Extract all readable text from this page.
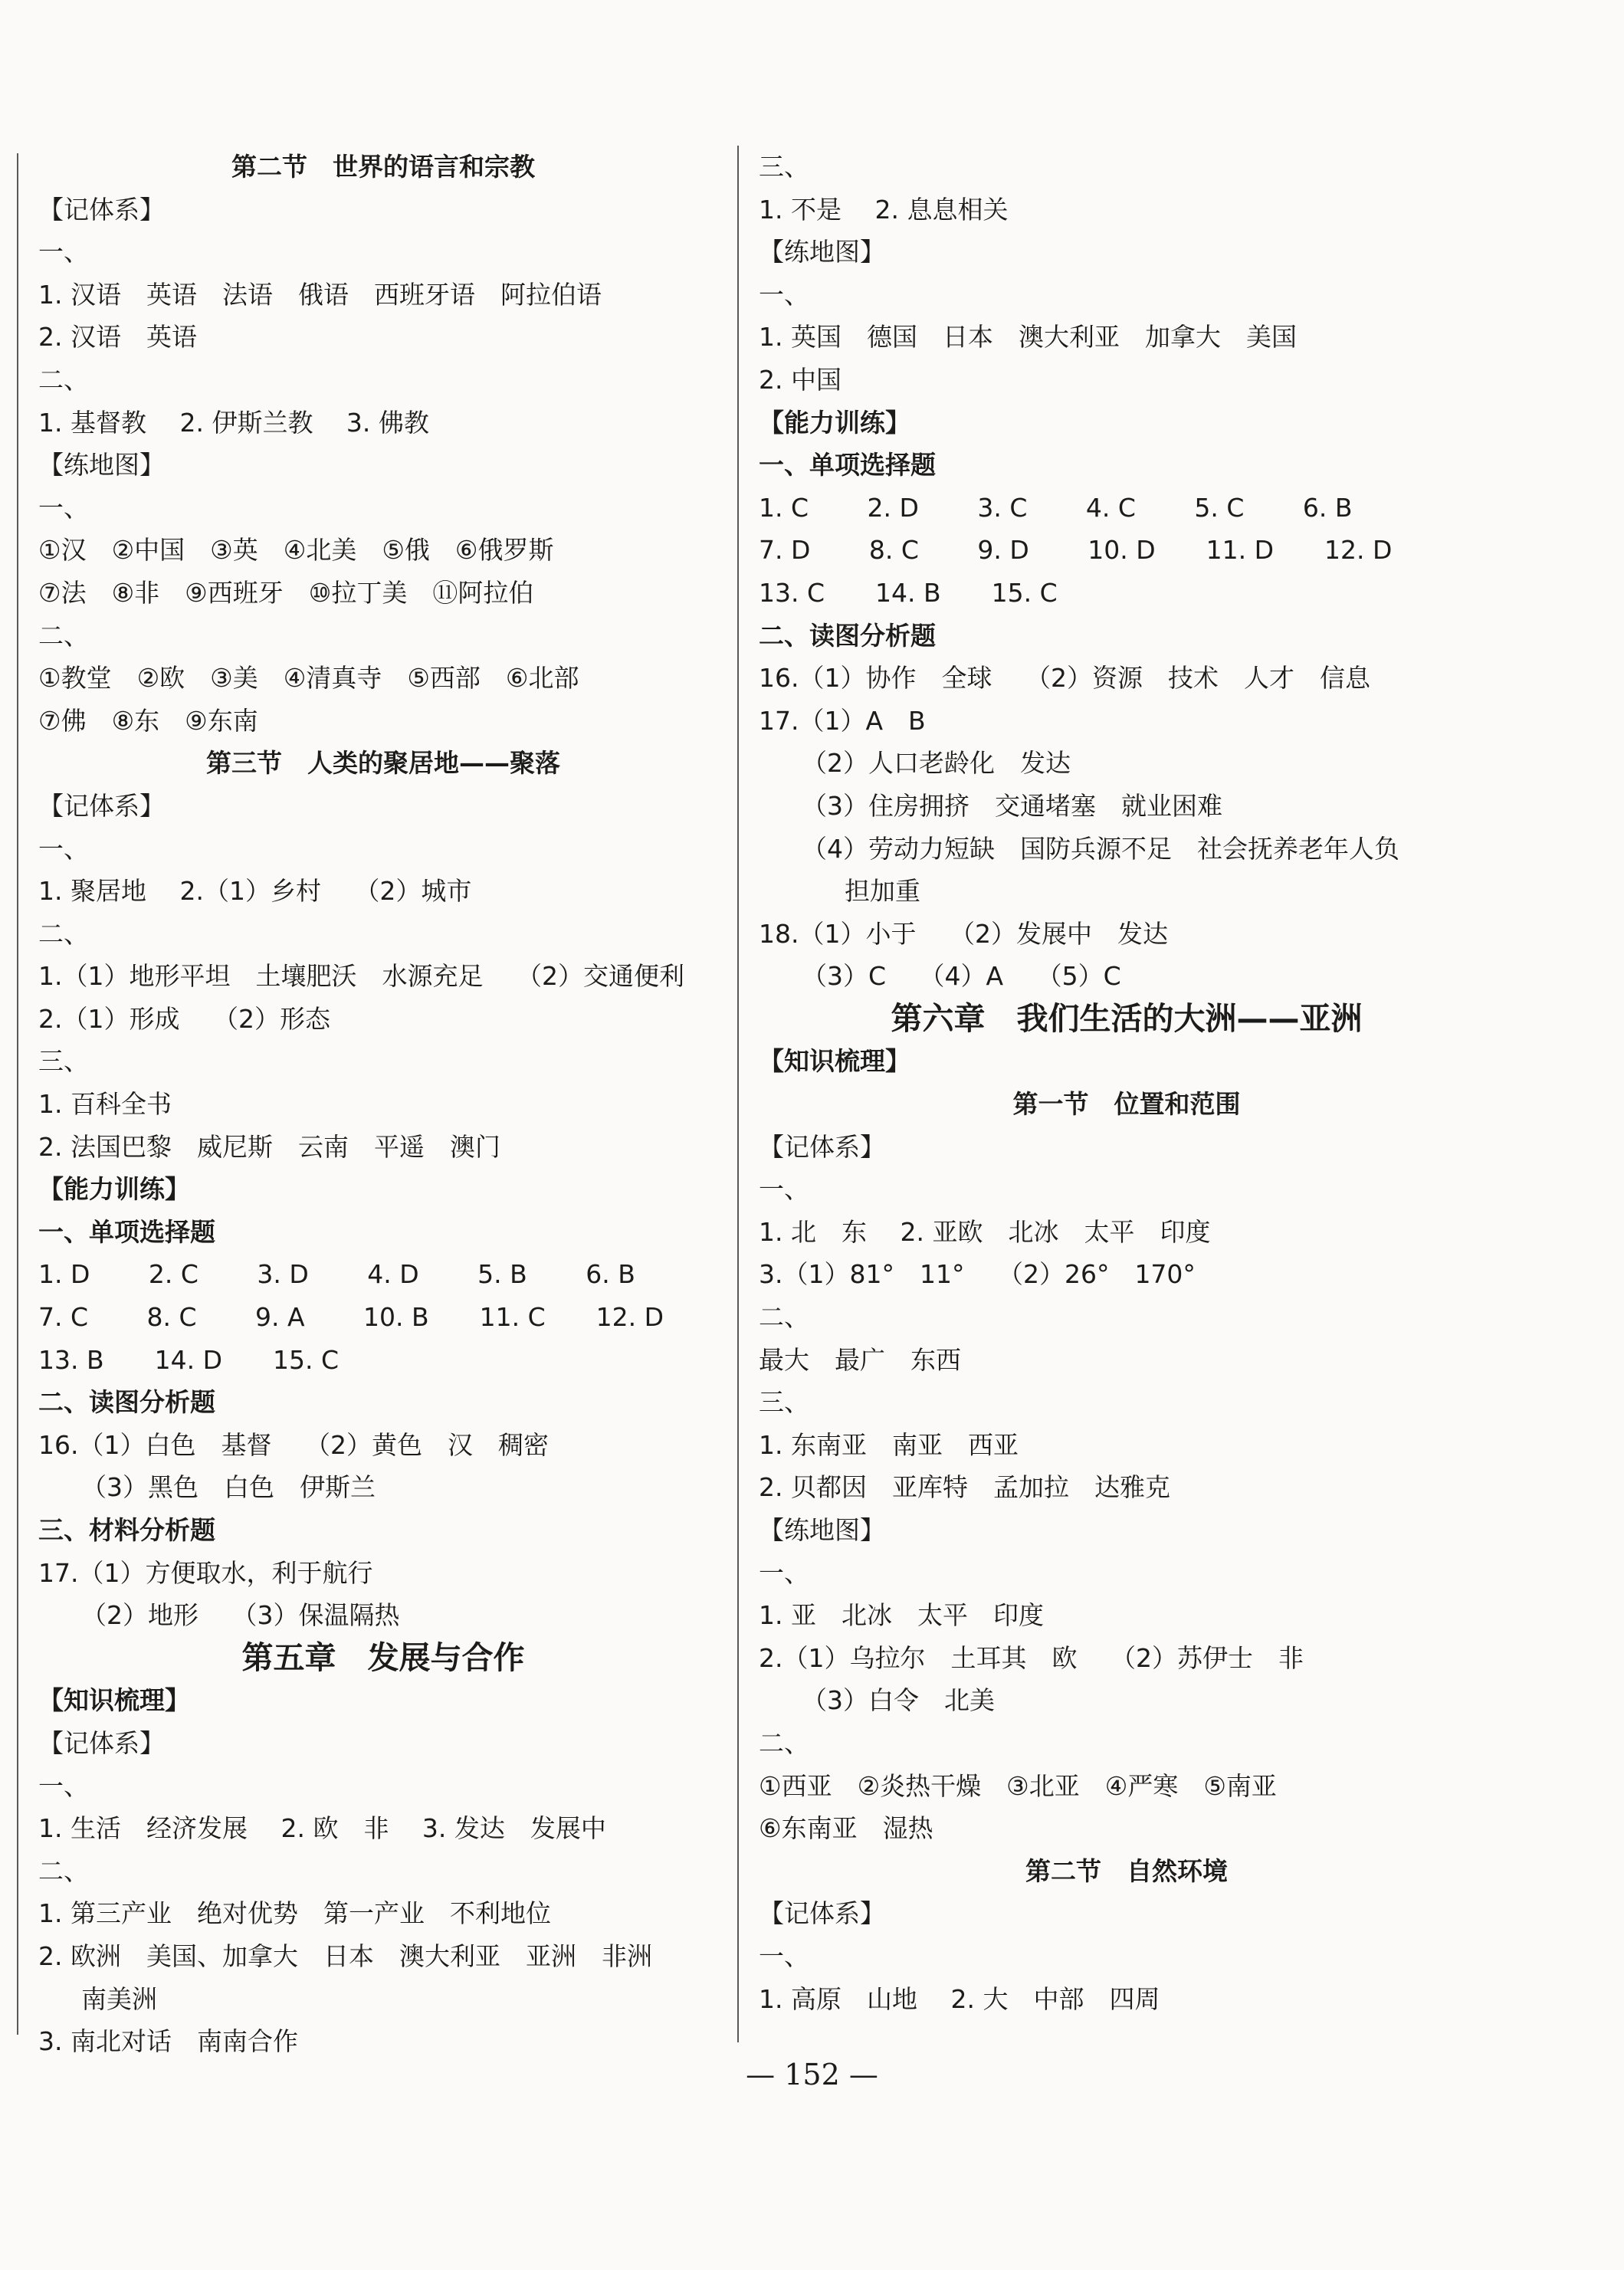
第二节　世界的语言和宗教
【记体系】
一、
1. 汉语　英语　法语　俄语　西班牙语　阿拉伯语
2. 汉语　英语
二、
1. 基督教　 2. 伊斯兰教　 3. 佛教
【练地图】
一、
①汉　②中国　③英　④北美　⑤俄　⑥俄罗斯
⑦法　⑧非　⑨西班牙　⑩拉丁美　⑪阿拉伯
二、
①教堂　②欧　③美　④清真寺　⑤西部　⑥北部
⑦佛　⑧东　⑨东南
第三节　人类的聚居地——聚落
【记体系】
一、
1. 聚居地　 2.（1）乡村　 （2）城市
二、
1.（1）地形平坦　土壤肥沃　水源充足　 （2）交通便利
2.（1）形成　 （2）形态
三、
1. 百科全书
2. 法国巴黎　威尼斯　云南　平遥　澳门
【能力训练】
一、单项选择题
1. D　　 2. C　　 3. D　　 4. D　　 5. B　　 6. B
7. C　　 8. C　　 9. A　　 10. B　　11. C　　12. D
13. B　　14. D　　15. C
二、读图分析题
16.（1）白色　基督　 （2）黄色　汉　稠密
（3）黑色　白色　伊斯兰
三、材料分析题
17.（1）方便取水，利于航行
（2）地形　 （3）保温隔热
第五章　发展与合作
【知识梳理】
【记体系】
一、
1. 生活　经济发展　 2. 欧　非　 3. 发达　发展中
二、
1. 第三产业　绝对优势　第一产业　不利地位
2. 欧洲　美国、加拿大　日本　澳大利亚　亚洲　非洲
南美洲
3. 南北对话　南南合作
三、
1. 不是　 2. 息息相关
【练地图】
一、
1. 英国　德国　日本　澳大利亚　加拿大　美国
2. 中国
【能力训练】
一、单项选择题
1. C　　 2. D　　 3. C　　 4. C　　 5. C　　 6. B
7. D　　 8. C　　 9. D　　 10. D　　11. D　　12. D
13. C　　14. B　　15. C
二、读图分析题
16.（1）协作　全球　 （2）资源　技术　人才　信息
17.（1）A　B
（2）人口老龄化　发达
（3）住房拥挤　交通堵塞　就业困难
（4）劳动力短缺　国防兵源不足　社会抚养老年人负
担加重
18.（1）小于　 （2）发展中　发达
（3）C　 （4）A　 （5）C
第六章　我们生活的大洲——亚洲
【知识梳理】
第一节　位置和范围
【记体系】
一、
1. 北　东　 2. 亚欧　北冰　太平　印度
3.（1）81°　11°　 （2）26°　170°
二、
最大　最广　东西
三、
1. 东南亚　南亚　西亚
2. 贝都因　亚库特　孟加拉　达雅克
【练地图】
一、
1. 亚　北冰　太平　印度
2.（1）乌拉尔　土耳其　欧　 （2）苏伊士　非
（3）白令　北美
二、
①西亚　②炎热干燥　③北亚　④严寒　⑤南亚
⑥东南亚　湿热
第二节　自然环境
【记体系】
一、
1. 高原　山地　 2. 大　中部　四周
— 152 —
